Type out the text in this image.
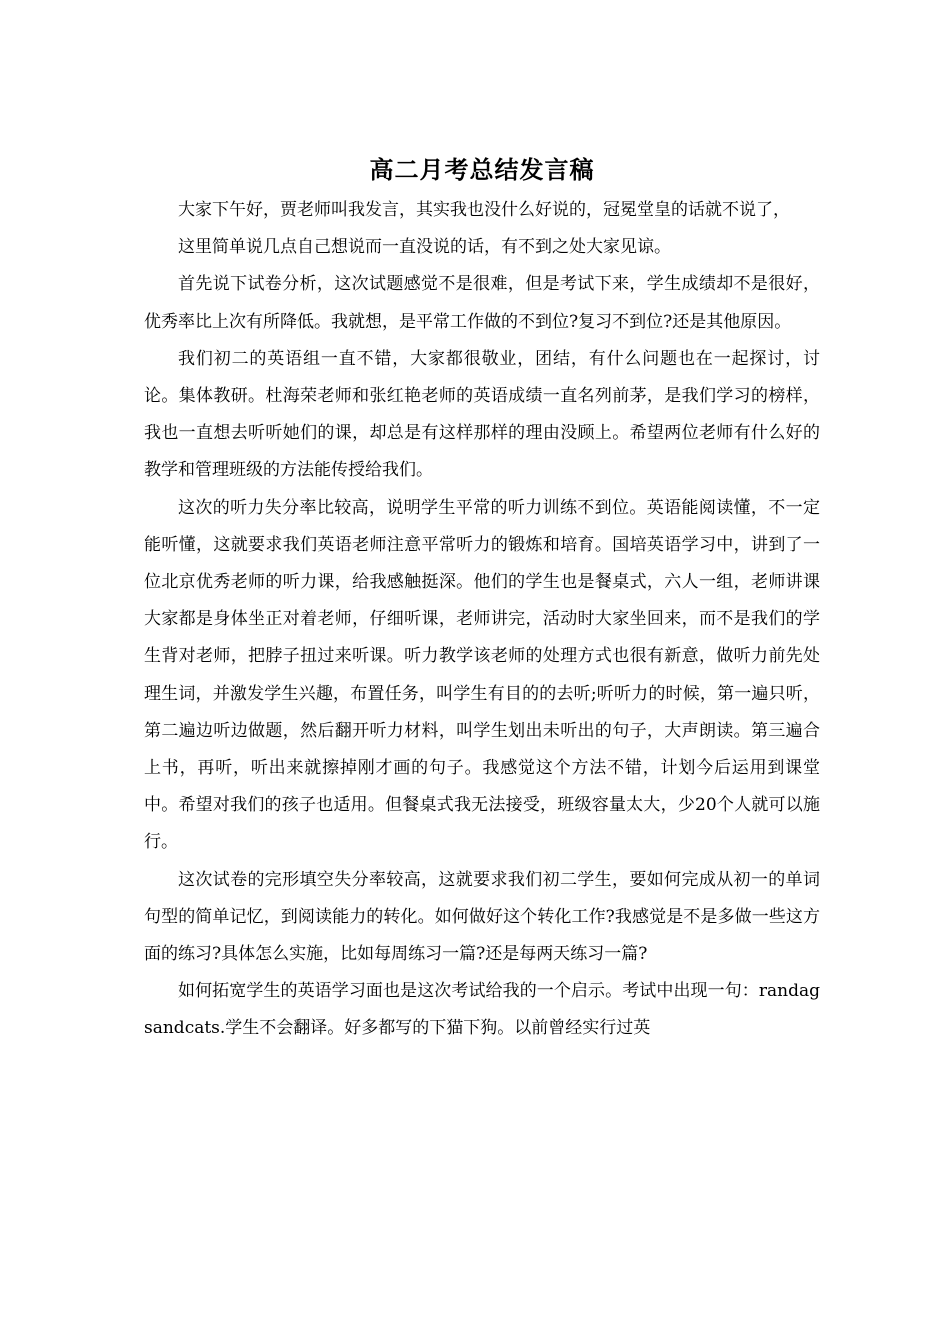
高二月考总结发言稿

大家下午好，贾老师叫我发言，其实我也没什么好说的，冠冕堂皇的话就不说了，

这里简单说几点自己想说而一直没说的话，有不到之处大家见谅。

首先说下试卷分析，这次试题感觉不是很难，但是考试下来，学生成绩却不是很好，优秀率比上次有所降低。我就想，是平常工作做的不到位?复习不到位?还是其他原因。

我们初二的英语组一直不错，大家都很敬业，团结，有什么问题也在一起探讨，讨论。集体教研。杜海荣老师和张红艳老师的英语成绩一直名列前茅，是我们学习的榜样，我也一直想去听听她们的课，却总是有这样那样的理由没顾上。希望两位老师有什么好的教学和管理班级的方法能传授给我们。

这次的听力失分率比较高，说明学生平常的听力训练不到位。英语能阅读懂，不一定能听懂，这就要求我们英语老师注意平常听力的锻炼和培育。国培英语学习中，讲到了一位北京优秀老师的听力课，给我感触挺深。他们的学生也是餐桌式，六人一组，老师讲课大家都是身体坐正对着老师，仔细听课，老师讲完，活动时大家坐回来，而不是我们的学生背对老师，把脖子扭过来听课。听力教学该老师的处理方式也很有新意，做听力前先处理生词，并激发学生兴趣，布置任务，叫学生有目的的去听;听听力的时候，第一遍只听，第二遍边听边做题，然后翻开听力材料，叫学生划出未听出的句子，大声朗读。第三遍合上书，再听，听出来就擦掉刚才画的句子。我感觉这个方法不错，计划今后运用到课堂中。希望对我们的孩子也适用。但餐桌式我无法接受，班级容量太大，少20个人就可以施行。

这次试卷的完形填空失分率较高，这就要求我们初二学生，要如何完成从初一的单词句型的简单记忆，到阅读能力的转化。如何做好这个转化工作?我感觉是不是多做一些这方面的练习?具体怎么实施，比如每周练习一篇?还是每两天练习一篇?

如何拓宽学生的英语学习面也是这次考试给我的一个启示。考试中出现一句：randagsandcats.学生不会翻译。好多都写的下猫下狗。以前曾经实行过英
